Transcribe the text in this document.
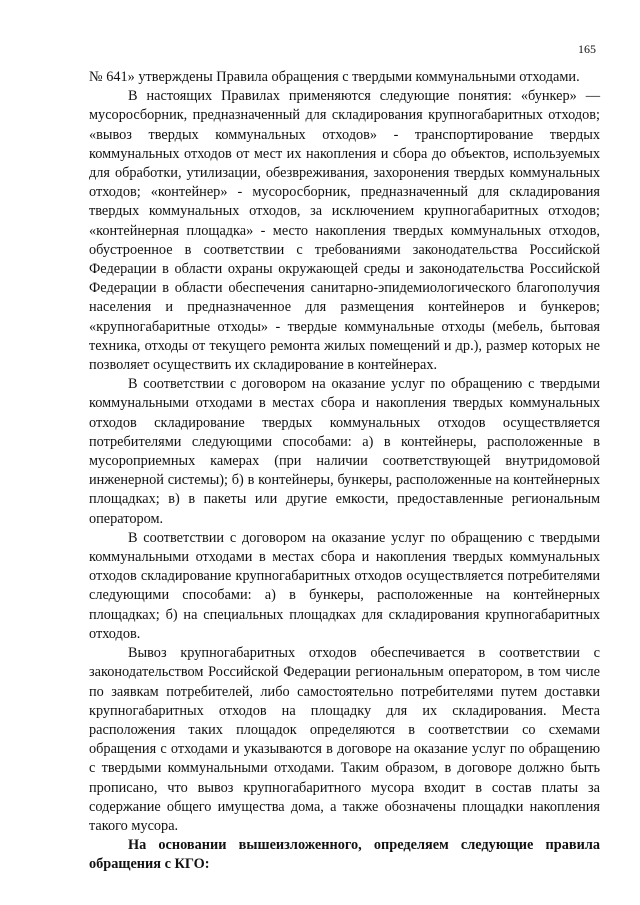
165

№ 641» утверждены Правила обращения с твердыми коммунальными отходами.

В настоящих Правилах применяются следующие понятия: «бункер» — мусоросборник, предназначенный для складирования крупногабаритных отходов; «вывоз твердых коммунальных отходов» - транспортирование твердых коммунальных отходов от мест их накопления и сбора до объектов, используемых для обработки, утилизации, обезвреживания, захоронения твердых коммунальных отходов; «контейнер» - мусоросборник, предназначенный для складирования твердых коммунальных отходов, за исключением крупногабаритных отходов; «контейнерная площадка» - место накопления твердых коммунальных отходов, обустроенное в соответствии с требованиями законодательства Российской Федерации в области охраны окружающей среды и законодательства Российской Федерации в области обеспечения санитарно-эпидемиологического благополучия населения и предназначенное для размещения контейнеров и бункеров; «крупногабаритные отходы» - твердые коммунальные отходы (мебель, бытовая техника, отходы от текущего ремонта жилых помещений и др.), размер которых не позволяет осуществить их складирование в контейнерах.

В соответствии с договором на оказание услуг по обращению с твердыми коммунальными отходами в местах сбора и накопления твердых коммунальных отходов складирование твердых коммунальных отходов осуществляется потребителями следующими способами: а) в контейнеры, расположенные в мусороприемных камерах (при наличии соответствующей внутридомовой инженерной системы); б) в контейнеры, бункеры, расположенные на контейнерных площадках; в) в пакеты или другие емкости, предоставленные региональным оператором.

В соответствии с договором на оказание услуг по обращению с твердыми коммунальными отходами в местах сбора и накопления твердых коммунальных отходов складирование крупногабаритных отходов осуществляется потребителями следующими способами: а) в бункеры, расположенные на контейнерных площадках; б) на специальных площадках для складирования крупногабаритных отходов.

Вывоз крупногабаритных отходов обеспечивается в соответствии с законодательством Российской Федерации региональным оператором, в том числе по заявкам потребителей, либо самостоятельно потребителями путем доставки крупногабаритных отходов на площадку для их складирования. Места расположения таких площадок определяются в соответствии со схемами обращения с отходами и указываются в договоре на оказание услуг по обращению с твердыми коммунальными отходами. Таким образом, в договоре должно быть прописано, что вывоз крупногабаритного мусора входит в состав платы за содержание общего имущества дома, а также обозначены площадки накопления такого мусора.

На основании вышеизложенного, определяем следующие правила обращения с КГО:
